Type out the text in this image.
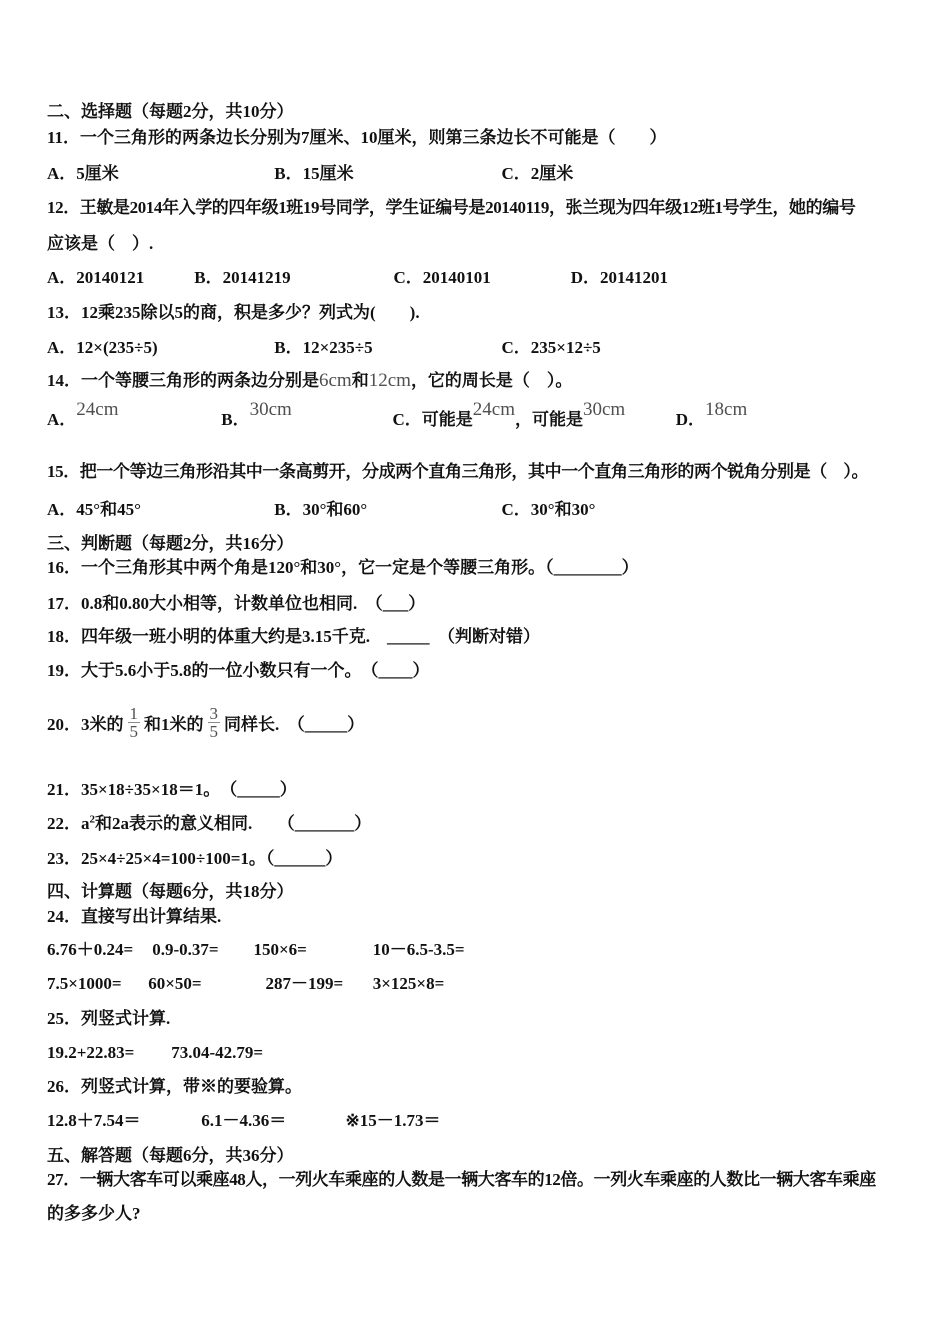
二、选择题（每题2分，共10分）
11．一个三角形的两条边长分别为7厘米、10厘米，则第三条边长不可能是（　　）
A．5厘米	B．15厘米	C．2厘米
12．王敏是2014年入学的四年级1班19号同学，学生证编号是20140119，张兰现为四年级12班1号学生，她的编号
应该是（　）.
A．20140121	B．20141219	C．20140101	D．20141201
13．12乘235除以5的商，积是多少？列式为(　　).
A．12×(235÷5)	B．12×235÷5	C．235×12÷5
14．一个等腰三角形的两条边分别是6cm和12cm，它的周长是（　）。
A．24cm	B．30cm	C．可能是24cm，可能是30cm	D．18cm
15．把一个等边三角形沿其中一条高剪开，分成两个直角三角形，其中一个直角三角形的两个锐角分别是（　）。
A．45°和45°	B．30°和60°	C．30°和30°
三、判断题（每题2分，共16分）
16．一个三角形其中两个角是120°和30°，它一定是个等腰三角形。（________）
17．0.8和0.80大小相等，计数单位也相同.　（___）
18．四年级一班小明的体重大约是3.15千克.　_____　（判断对错）
19．大于5.6小于5.8的一位小数只有一个。　（____）
20．3米的 $\frac{1}{5}$ 和1米的 $\frac{3}{5}$ 同样长.　（_____）
21．35×18÷35×18＝1。　（_____）
22．$a^2$和2a表示的意义相同.　　（_______）
23．25×4÷25×4=100÷100=1。（______）
四、计算题（每题6分，共18分）
24．直接写出计算结果.
6.76＋0.24= 0.9-0.37= 150×6=	10－6.5-3.5=
7.5×1000= 60×50=	287－199= 3×125×8=
25．列竖式计算.
19.2+22.83= 73.04-42.79=
26．列竖式计算，带※的要验算。
12.8＋7.54＝	6.1－4.36＝	※15－1.73＝
五、解答题（每题6分，共36分）
27．一辆大客车可以乘座48人，一列火车乘座的人数是一辆大客车的12倍。一列火车乘座的人数比一辆大客车乘座
的多多少人?
